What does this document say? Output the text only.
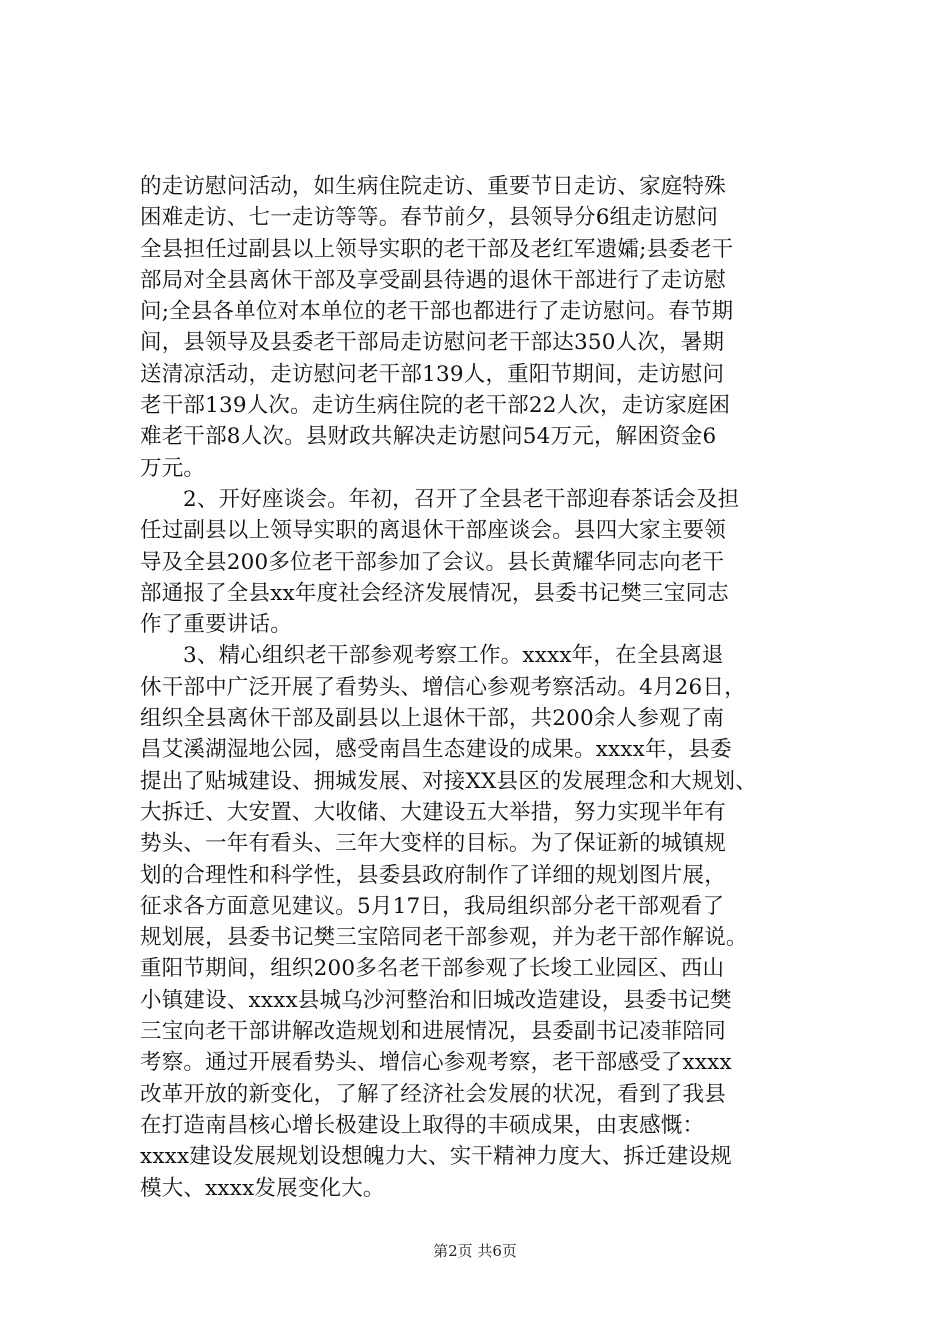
的走访慰问活动，如生病住院走访、重要节日走访、家庭特殊
困难走访、七一走访等等。春节前夕，县领导分6组走访慰问
全县担任过副县以上领导实职的老干部及老红军遗孀;县委老干
部局对全县离休干部及享受副县待遇的退休干部进行了走访慰
问;全县各单位对本单位的老干部也都进行了走访慰问。春节期
间，县领导及县委老干部局走访慰问老干部达350人次，暑期
送清凉活动，走访慰问老干部139人，重阳节期间，走访慰问
老干部139人次。走访生病住院的老干部22人次，走访家庭困
难老干部8人次。县财政共解决走访慰问54万元，解困资金6
万元。
2、开好座谈会。年初，召开了全县老干部迎春茶话会及担
任过副县以上领导实职的离退休干部座谈会。县四大家主要领
导及全县200多位老干部参加了会议。县长黄耀华同志向老干
部通报了全县xx年度社会经济发展情况，县委书记樊三宝同志
作了重要讲话。
3、精心组织老干部参观考察工作。xxxx年，在全县离退
休干部中广泛开展了看势头、增信心参观考察活动。4月26日，
组织全县离休干部及副县以上退休干部，共200余人参观了南
昌艾溪湖湿地公园，感受南昌生态建设的成果。xxxx年，县委
提出了贴城建设、拥城发展、对接XX县区的发展理念和大规划、
大拆迁、大安置、大收储、大建设五大举措，努力实现半年有
势头、一年有看头、三年大变样的目标。为了保证新的城镇规
划的合理性和科学性，县委县政府制作了详细的规划图片展，
征求各方面意见建议。5月17日，我局组织部分老干部观看了
规划展，县委书记樊三宝陪同老干部参观，并为老干部作解说。
重阳节期间，组织200多名老干部参观了长埈工业园区、西山
小镇建设、xxxx县城乌沙河整治和旧城改造建设，县委书记樊
三宝向老干部讲解改造规划和进展情况，县委副书记凌菲陪同
考察。通过开展看势头、增信心参观考察，老干部感受了xxxx
改革开放的新变化，了解了经济社会发展的状况，看到了我县
在打造南昌核心增长极建设上取得的丰硕成果，由衷感慨：
xxxx建设发展规划设想魄力大、实干精神力度大、拆迁建设规
模大、xxxx发展变化大。
第2页 共6页
